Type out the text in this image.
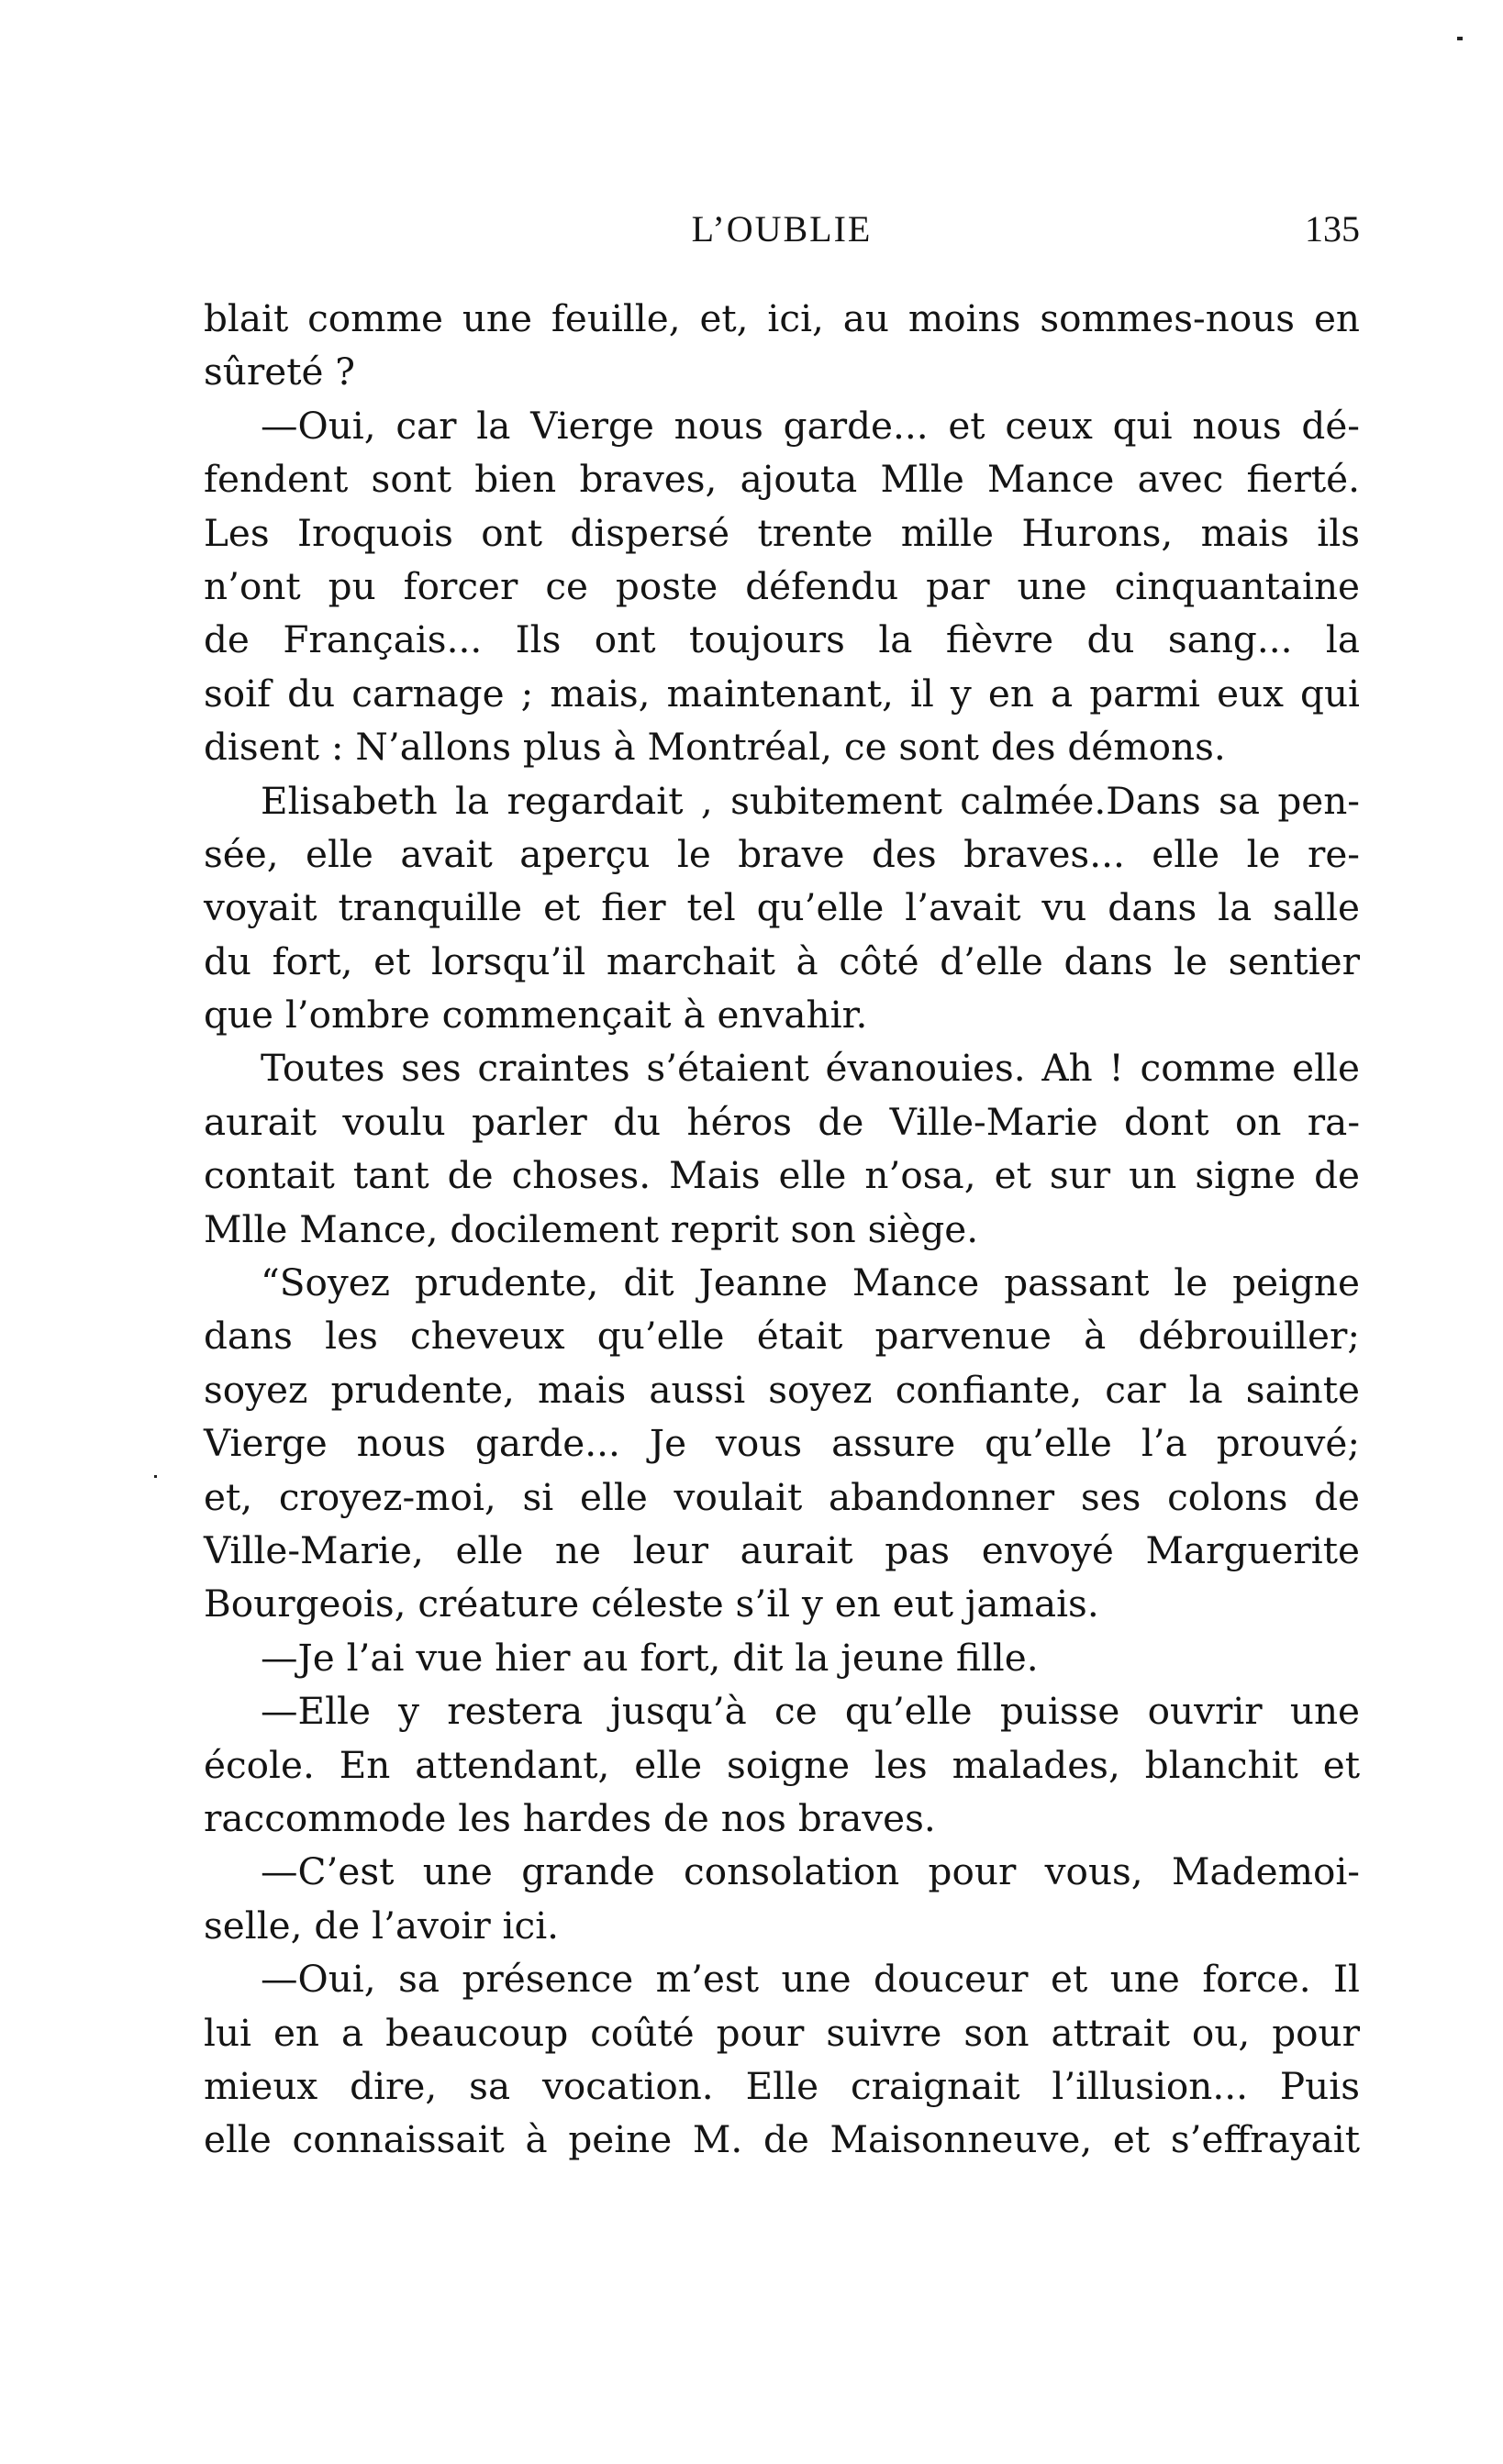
L’OUBLIE	135
blait comme une feuille, et, ici, au moins sommes-nous en
sûreté ?
—Oui, car la Vierge nous garde... et ceux qui nous dé-
fendent sont bien braves, ajouta Mlle Mance avec fierté.
Les Iroquois ont dispersé trente mille Hurons, mais ils
n’ont pu forcer ce poste défendu par une cinquantaine
de Français... Ils ont toujours la fièvre du sang... la
soif du carnage ; mais, maintenant, il y en a parmi eux qui
disent : N’allons plus à Montréal, ce sont des démons.
Elisabeth la regardait , subitement calmée.Dans sa pen-
sée, elle avait aperçu le brave des braves... elle le re-
voyait tranquille et fier tel qu’elle l’avait vu dans la salle
du fort, et lorsqu’il marchait à côté d’elle dans le sentier
que l’ombre commençait à envahir.
Toutes ses craintes s’étaient évanouies. Ah ! comme elle
aurait voulu parler du héros de Ville-Marie dont on ra-
contait tant de choses. Mais elle n’osa, et sur un signe de
Mlle Mance, docilement reprit son siège.
“Soyez prudente, dit Jeanne Mance passant le peigne
dans les cheveux qu’elle était parvenue à débrouiller;
soyez prudente, mais aussi soyez confiante, car la sainte
Vierge nous garde... Je vous assure qu’elle l’a prouvé;
et, croyez-moi, si elle voulait abandonner ses colons de
Ville-Marie, elle ne leur aurait pas envoyé Marguerite
Bourgeois, créature céleste s’il y en eut jamais.
—Je l’ai vue hier au fort, dit la jeune fille.
—Elle y restera jusqu’à ce qu’elle puisse ouvrir une
école. En attendant, elle soigne les malades, blanchit et
raccommode les hardes de nos braves.
—C’est une grande consolation pour vous, Mademoi-
selle, de l’avoir ici.
—Oui, sa présence m’est une douceur et une force. Il
lui en a beaucoup coûté pour suivre son attrait ou, pour
mieux dire, sa vocation. Elle craignait l’illusion... Puis
elle connaissait à peine M. de Maisonneuve, et s’effrayait
